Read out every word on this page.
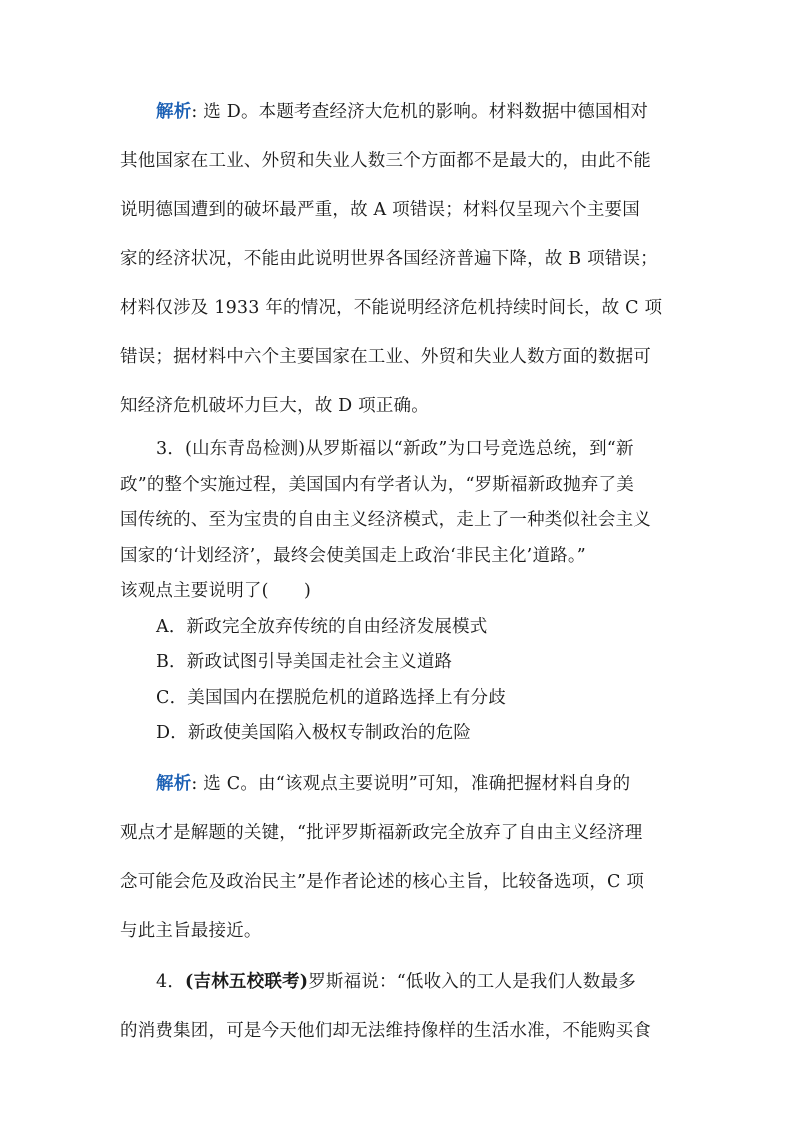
解析: 选 D。本题考查经济大危机的影响。材料数据中德国相对
其他国家在工业、外贸和失业人数三个方面都不是最大的，由此不能
说明德国遭到的破坏最严重，故 A 项错误；材料仅呈现六个主要国
家的经济状况，不能由此说明世界各国经济普遍下降，故 B 项错误；
材料仅涉及 1933 年的情况，不能说明经济危机持续时间长，故 C 项
错误；据材料中六个主要国家在工业、外贸和失业人数方面的数据可
知经济危机破坏力巨大，故 D 项正确。
3．(山东青岛检测)从罗斯福以“新政”为口号竞选总统，到“新
政”的整个实施过程，美国国内有学者认为，“罗斯福新政抛弃了美
国传统的、至为宝贵的自由主义经济模式，走上了一种类似社会主义
国家的‘计划经济’，最终会使美国走上政治‘非民主化’道路。”
该观点主要说明了(　　)
A．新政完全放弃传统的自由经济发展模式
B．新政试图引导美国走社会主义道路
C．美国国内在摆脱危机的道路选择上有分歧
D．新政使美国陷入极权专制政治的危险
解析: 选 C。由“该观点主要说明”可知，准确把握材料自身的
观点才是解题的关键，“批评罗斯福新政完全放弃了自由主义经济理
念可能会危及政治民主”是作者论述的核心主旨，比较备选项，C 项
与此主旨最接近。
4．(吉林五校联考)罗斯福说：“低收入的工人是我们人数最多
的消费集团，可是今天他们却无法维持像样的生活水准，不能购买食
